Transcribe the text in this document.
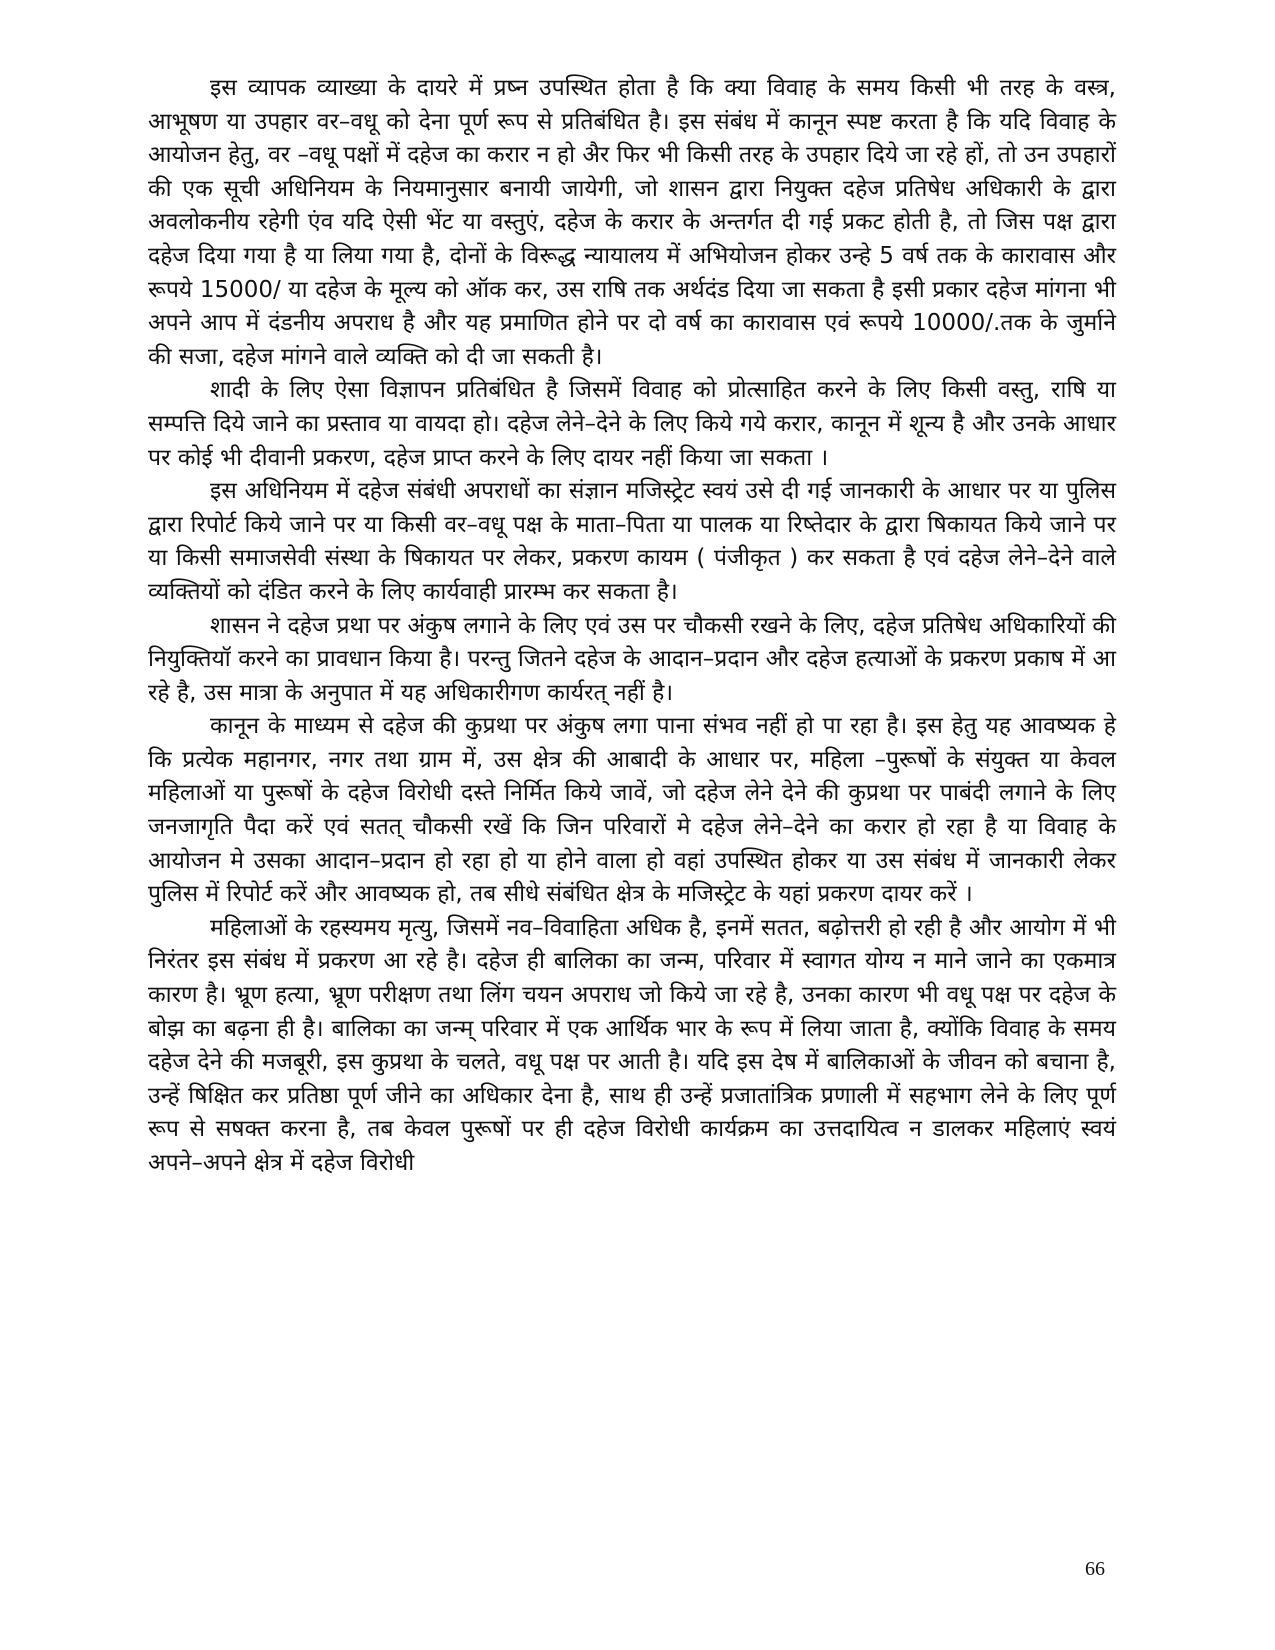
इस व्यापक व्याख्या के दायरे में प्रष्न उपस्थित होता है कि क्या विवाह के समय किसी भी तरह के वस्त्र, आभूषण या उपहार वर–वधू को देना पूर्ण रूप से प्रतिबंधित है। इस संबंध में कानून स्पष्ट करता है कि यदि विवाह के आयोजन हेतु, वर –वधू पक्षों में दहेज का करार न हो अैर फिर भी किसी तरह के उपहार दिये जा रहे हों, तो उन उपहारों की एक सूची अधिनियम के नियमानुसार बनायी जायेगी, जो शासन द्वारा नियुक्त दहेज प्रतिषेध अधिकारी के द्वारा अवलोकनीय रहेगी एंव यदि ऐसी भेंट या वस्तुएं, दहेज के करार के अन्तर्गत दी गई प्रकट होती है, तो जिस पक्ष द्वारा दहेज दिया गया है या लिया गया है, दोनों के विरूद्ध न्यायालय में अभियोजन होकर उन्हे 5 वर्ष तक के कारावास और रूपये 15000/ या दहेज के मूल्य को ऑक कर, उस राषि तक अर्थदंड दिया जा सकता है इसी प्रकार दहेज मांगना भी अपने आप में दंडनीय अपराध है और यह प्रमाणित होने पर दो वर्ष का कारावास एवं रूपये 10000/.तक के जुर्माने की सजा, दहेज मांगने वाले व्यक्ति को दी जा सकती है।

शादी के लिए ऐसा विज्ञापन प्रतिबंधित है जिसमें विवाह को प्रोत्साहित करने के लिए किसी वस्तु, राषि या सम्पत्ति दिये जाने का प्रस्ताव या वायदा हो। दहेज लेने–देने के लिए किये गये करार, कानून में शून्य है और उनके आधार पर कोई भी दीवानी प्रकरण, दहेज प्राप्त करने के लिए दायर नहीं किया जा सकता ।

इस अधिनियम में दहेज संबंधी अपराधों का संज्ञान मजिस्ट्रेट स्वयं उसे दी गई जानकारी के आधार पर या पुलिस द्वारा रिपोर्ट किये जाने पर या किसी वर–वधू पक्ष के माता–पिता या पालक या रिष्तेदार के द्वारा षिकायत किये जाने पर या किसी समाजसेवी संस्था के षिकायत पर लेकर, प्रकरण कायम ( पंजीकृत ) कर सकता है एवं दहेज लेने–देने वाले व्यक्तियों को दंडित करने के लिए कार्यवाही प्रारम्भ कर सकता है।

शासन ने दहेज प्रथा पर अंकुष लगाने के लिए एवं उस पर चौकसी रखने के लिए, दहेज प्रतिषेध अधिकारियों की नियुक्तियॉ करने का प्रावधान किया है। परन्तु जितने दहेज के आदान–प्रदान और दहेज हत्याओं के प्रकरण प्रकाष में आ रहे है, उस मात्रा के अनुपात में यह अधिकारीगण कार्यरत् नहीं है।

कानून के माध्यम से दहेज की कुप्रथा पर अंकुष लगा पाना संभव नहीं हो पा रहा है। इस हेतु यह आवष्यक हे कि प्रत्येक महानगर, नगर तथा ग्राम में, उस क्षेत्र की आबादी के आधार पर, महिला –पुरूषों के संयुक्त या केवल महिलाओं या पुरूषों के दहेज विरोधी दस्ते निर्मित किये जावें, जो दहेज लेने देने की कुप्रथा पर पाबंदी लगाने के लिए जनजागृति पैदा करें एवं सतत् चौकसी रखें कि जिन परिवारों मे दहेज लेने–देने का करार हो रहा है या विवाह के आयोजन मे उसका आदान–प्रदान हो रहा हो या होने वाला हो वहां उपस्थित होकर या उस संबंध में जानकारी लेकर पुलिस में रिपोर्ट करें और आवष्यक हो, तब सीधे संबंधित क्षेत्र के मजिस्ट्रेट के यहां प्रकरण दायर करें ।

महिलाओं के रहस्यमय मृत्यु, जिसमें नव–विवाहिता अधिक है, इनमें सतत, बढ़ोत्तरी हो रही है और आयोग में भी निरंतर इस संबंध में प्रकरण आ रहे है। दहेज ही बालिका का जन्म, परिवार में स्वागत योग्य न माने जाने का एकमात्र कारण है। भ्रूण हत्या, भ्रूण परीक्षण तथा लिंग चयन अपराध जो किये जा रहे है, उनका कारण भी वधू पक्ष पर दहेज के बोझ का बढ़ना ही है। बालिका का जन्म् परिवार में एक आर्थिक भार के रूप में लिया जाता है, क्योंकि विवाह के समय दहेज देने की मजबूरी, इस कुप्रथा के चलते, वधू पक्ष पर आती है। यदि इस देष में बालिकाओं के जीवन को बचाना है, उन्हें षिक्षित कर प्रतिष्ठा पूर्ण जीने का अधिकार देना है, साथ ही उन्हें प्रजातांत्रिक प्रणाली में सहभाग लेने के लिए पूर्ण रूप से सषक्त करना है, तब केवल पुरूषों पर ही दहेज विरोधी कार्यक्रम का उत्तदायित्व न डालकर महिलाएं स्वयं अपने–अपने क्षेत्र में दहेज विरोधी

66
